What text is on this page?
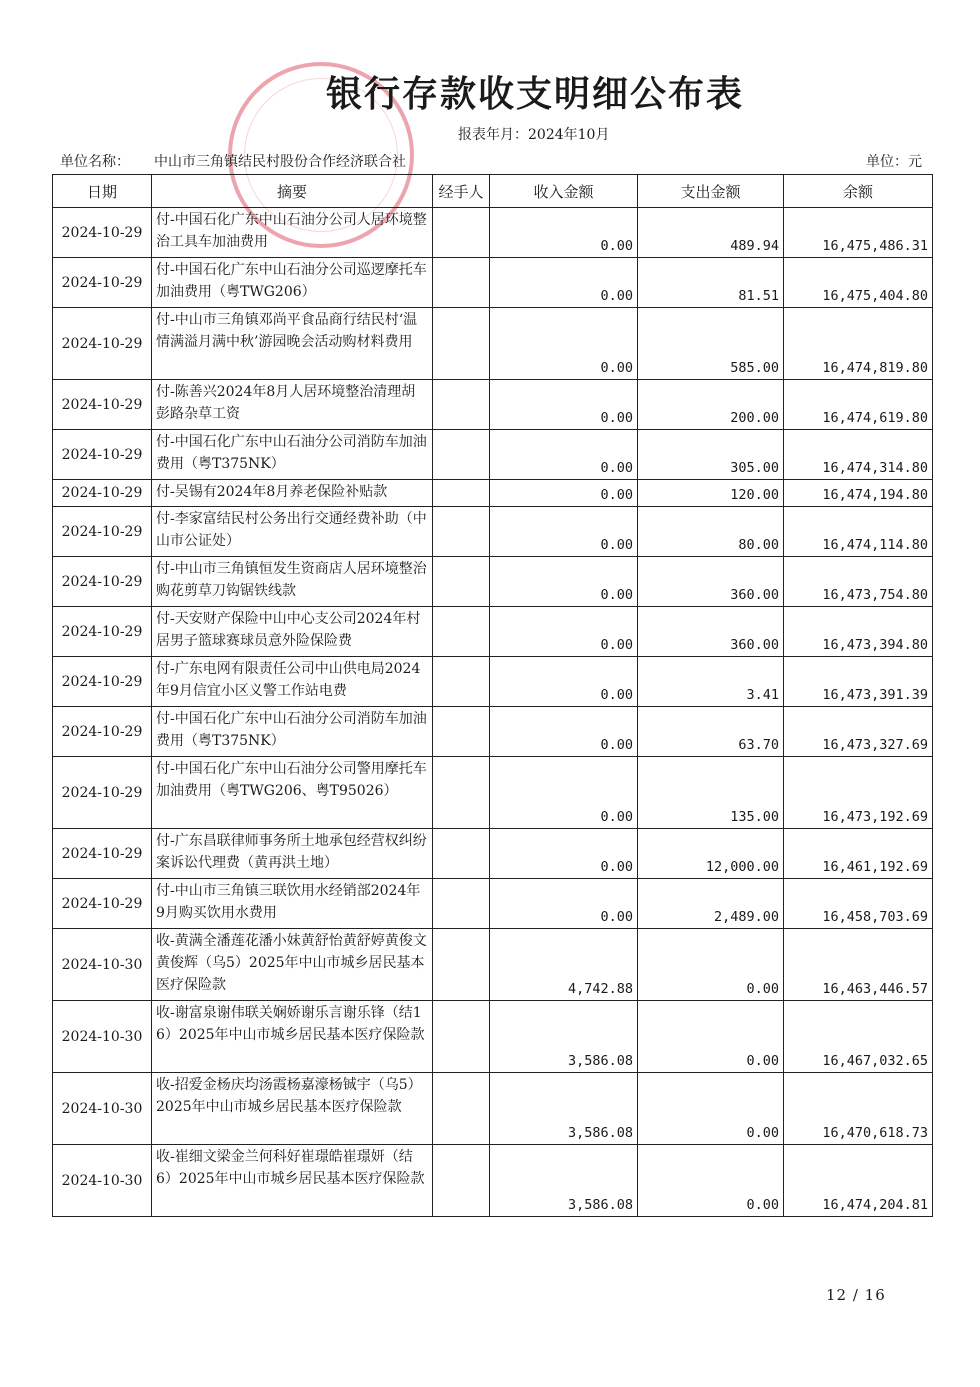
银行存款收支明细公布表
报表年月：2024年10月
单位名称： 中山市三角镇结民村股份合作经济联合社	单位：元
日期	摘要	经手人	收入金额	支出金额	余额
2024-10-29	付-中国石化广东中山石油分公司人居环境整治工具车加油费用		0.00	489.94	16,475,486.31
2024-10-29	付-中国石化广东中山石油分公司巡逻摩托车加油费用（粤TWG206）		0.00	81.51	16,475,404.80
2024-10-29	付-中山市三角镇邓尚平食品商行结民村‘温情满溢月满中秋’游园晚会活动购材料费用		0.00	585.00	16,474,819.80
2024-10-29	付-陈善兴2024年8月人居环境整治清理胡彭路杂草工资		0.00	200.00	16,474,619.80
2024-10-29	付-中国石化广东中山石油分公司消防车加油费用（粤T375NK）		0.00	305.00	16,474,314.80
2024-10-29	付-吴锡有2024年8月养老保险补贴款		0.00	120.00	16,474,194.80
2024-10-29	付-李家富结民村公务出行交通经费补助（中山市公证处）		0.00	80.00	16,474,114.80
2024-10-29	付-中山市三角镇恒发生资商店人居环境整治购花剪草刀钩锯铁线款		0.00	360.00	16,473,754.80
2024-10-29	付-天安财产保险中山中心支公司2024年村居男子篮球赛球员意外险保险费		0.00	360.00	16,473,394.80
2024-10-29	付-广东电网有限责任公司中山供电局2024年9月信宜小区义警工作站电费		0.00	3.41	16,473,391.39
2024-10-29	付-中国石化广东中山石油分公司消防车加油费用（粤T375NK）		0.00	63.70	16,473,327.69
2024-10-29	付-中国石化广东中山石油分公司警用摩托车加油费用（粤TWG206、粤T95026）		0.00	135.00	16,473,192.69
2024-10-29	付-广东昌联律师事务所土地承包经营权纠纷案诉讼代理费（黄再洪土地）		0.00	12,000.00	16,461,192.69
2024-10-29	付-中山市三角镇三联饮用水经销部2024年9月购买饮用水费用		0.00	2,489.00	16,458,703.69
2024-10-30	收-黄满全潘莲花潘小妹黄舒怡黄舒婷黄俊文黄俊辉（乌5）2025年中山市城乡居民基本医疗保险款		4,742.88	0.00	16,463,446.57
2024-10-30	收-谢富泉谢伟联关娴娇谢乐言谢乐锋（结16）2025年中山市城乡居民基本医疗保险款		3,586.08	0.00	16,467,032.65
2024-10-30	收-招爱金杨庆均汤霞杨嘉濠杨铖宇（乌5）2025年中山市城乡居民基本医疗保险款		3,586.08	0.00	16,470,618.73
2024-10-30	收-崔细文梁金兰何科好崔璟皓崔璟妍（结6）2025年中山市城乡居民基本医疗保险款		3,586.08	0.00	16,474,204.81
12 / 16
